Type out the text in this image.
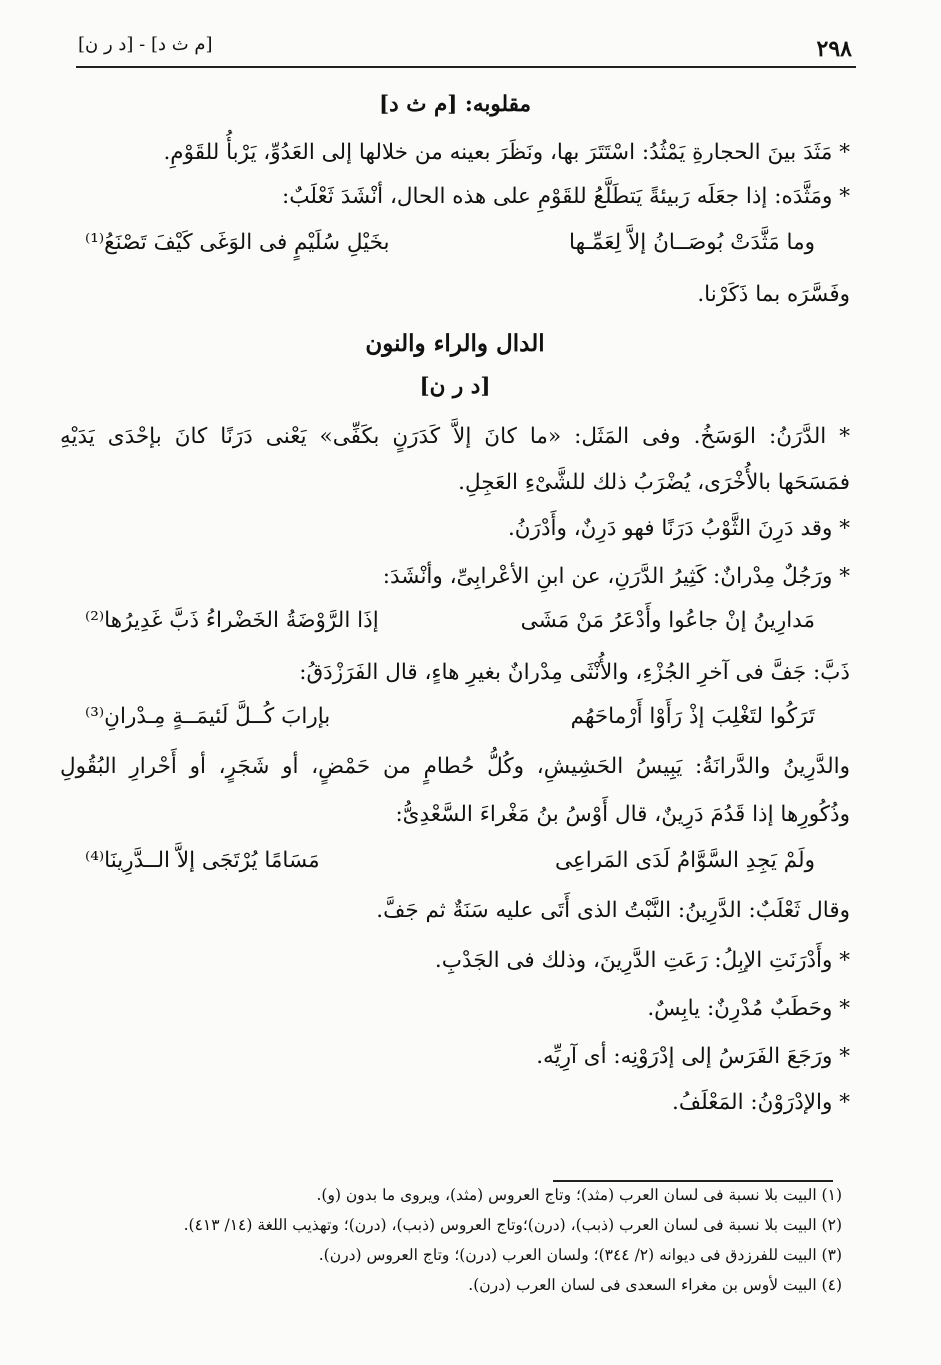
[م ث د] - [د ر ن]	٢٩٨
مقلوبه: [م ث د]
* مَثَدَ بينَ الحجارةِ يَمْثُدُ: اسْتَتَرَ بها، ونَظَرَ بعينه من خلالها إلى العَدُوِّ، يَرْبأُ للقَوْمِ.
* ومَثَّدَه: إذا جعَلَه رَبيئةً يَتطَلَّعُ للقَوْمِ على هذه الحال، أنْشَدَ ثَعْلَبٌ:
وما مَثَّدَتْ بُوصَــانُ إلاَّ لِعَمِّـها
بخَيْلِ سُلَيْمٍ فى الوَغَى كَيْفَ تَصْنَعُ⁽¹⁾
وفَسَّرَه بما ذَكَرْنا.
الدال والراء والنون
[د ر ن]
* الدَّرَنُ: الوَسَخُ. وفى المَثَل: «ما كانَ إلاَّ كَدَرَنٍ بكَفِّى» يَعْنى دَرَنًا كانَ بإحْدَى يَدَيْهِ
فمَسَحَها بالأُخْرَى، يُضْرَبُ ذلك للشَّىْءِ العَجِلِ.
* وقد دَرِنَ الثَّوْبُ دَرَنًا فهو دَرِنٌ، وأَدْرَنُ.
* ورَجُلٌ مِدْرانٌ: كَثِيرُ الدَّرَنِ، عن ابنِ الأعْرابِىِّ، وأنْشَدَ:
مَدارِينُ إنْ جاعُوا وأَدْعَرُ مَنْ مَشَى
إذَا الرَّوْضَةُ الخَضْراءُ ذَبَّ غَدِيرُها⁽²⁾
ذَبَّ: جَفَّ فى آخرِ الجُزْءِ، والأُنْثَى مِدْرانٌ بغيرِ هاءٍ، قال الفَرَزْدَقُ:
تَرَكُوا لتَغْلِبَ إذْ رَأَوْا أَرْماحَهُم
بإرابَ كُــلَّ لَئيمَــةٍ مِـدْرانِ⁽³⁾
والدَّرِينُ والدَّرانَةُ: يَبِيسُ الحَشِيشِ، وكُلُّ حُطامٍ من حَمْضٍ، أو شَجَرٍ، أو أَحْرارِ البُقُولِ
وذُكُورِها إذا قَدُمَ دَرِينٌ، قال أَوْسُ بنُ مَغْراءَ السَّعْدِىُّ:
ولَمْ يَجِدِ السَّوَّامُ لَدَى المَراعِى
مَسَامًا يُرْتَجَى إلاَّ الــدَّرِينَا⁽⁴⁾
وقال ثَعْلَبٌ: الدَّرِينُ: النَّبْتُ الذى أَتَى عليه سَنَةٌ ثم جَفَّ.
* وأَدْرَنَتِ الإبِلُ: رَعَتِ الدَّرِينَ، وذلك فى الجَدْبِ.
* وحَطَبٌ مُدْرِنٌ: يابِسٌ.
* ورَجَعَ الفَرَسُ إلى إدْرَوْنِه: أى آرِيِّه.
* والإدْرَوْنُ: المَعْلَفُ.
(١) البيت بلا نسبة فى لسان العرب (مثد)؛ وتاج العروس (مثد)، ويروى ما بدون (و).
(٢) البيت بلا نسبة فى لسان العرب (ذبب)، (درن)؛وتاج العروس (ذبب)، (درن)؛ وتهذيب اللغة (١٤/ ٤١٣).
(٣) البيت للفرزدق فى ديوانه (٢/ ٣٤٤)؛ ولسان العرب (درن)؛ وتاج العروس (درن).
(٤) البيت لأوس بن مغراء السعدى فى لسان العرب (درن).
